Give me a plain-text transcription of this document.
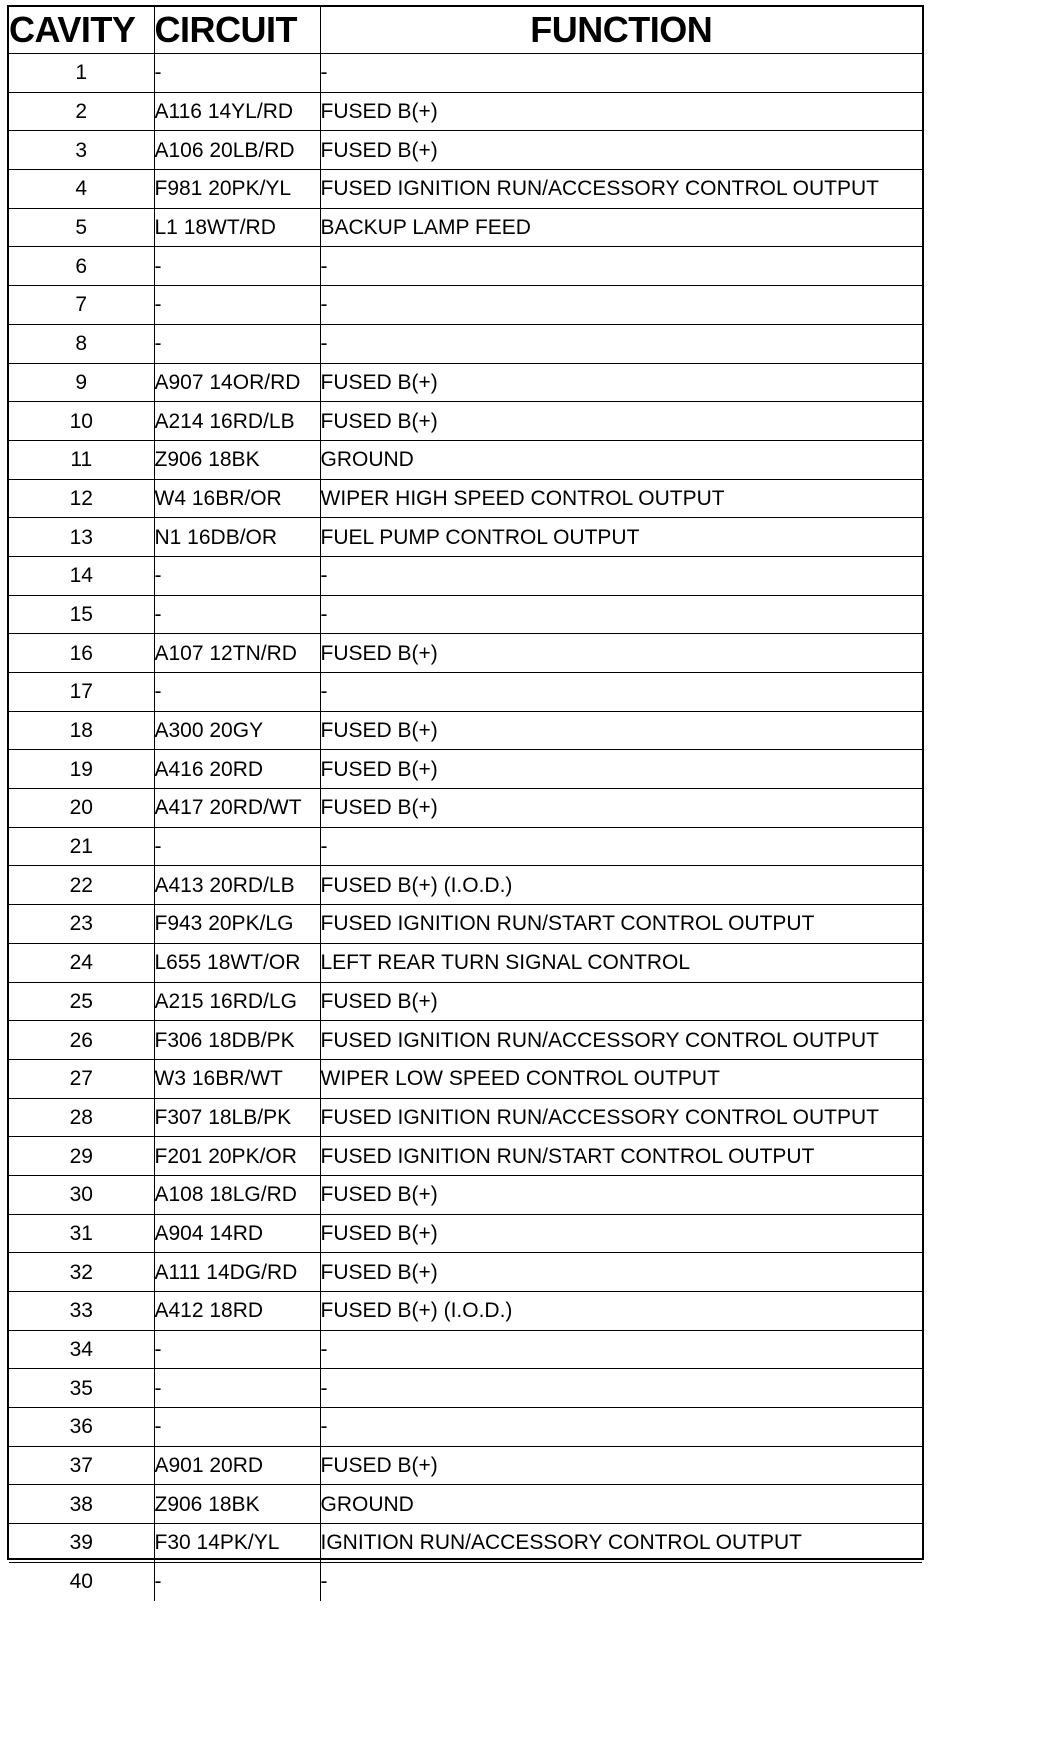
CAVITY	CIRCUIT	FUNCTION
1	-	-
2	A116 14YL/RD	FUSED B(+)
3	A106 20LB/RD	FUSED B(+)
4	F981 20PK/YL	FUSED IGNITION RUN/ACCESSORY CONTROL OUTPUT
5	L1 18WT/RD	BACKUP LAMP FEED
6	-	-
7	-	-
8	-	-
9	A907 14OR/RD	FUSED B(+)
10	A214 16RD/LB	FUSED B(+)
11	Z906 18BK	GROUND
12	W4 16BR/OR	WIPER HIGH SPEED CONTROL OUTPUT
13	N1 16DB/OR	FUEL PUMP CONTROL OUTPUT
14	-	-
15	-	-
16	A107 12TN/RD	FUSED B(+)
17	-	-
18	A300 20GY	FUSED B(+)
19	A416 20RD	FUSED B(+)
20	A417 20RD/WT	FUSED B(+)
21	-	-
22	A413 20RD/LB	FUSED B(+) (I.O.D.)
23	F943 20PK/LG	FUSED IGNITION RUN/START CONTROL OUTPUT
24	L655 18WT/OR	LEFT REAR TURN SIGNAL CONTROL
25	A215 16RD/LG	FUSED B(+)
26	F306 18DB/PK	FUSED IGNITION RUN/ACCESSORY CONTROL OUTPUT
27	W3 16BR/WT	WIPER LOW SPEED CONTROL OUTPUT
28	F307 18LB/PK	FUSED IGNITION RUN/ACCESSORY CONTROL OUTPUT
29	F201 20PK/OR	FUSED IGNITION RUN/START CONTROL OUTPUT
30	A108 18LG/RD	FUSED B(+)
31	A904 14RD	FUSED B(+)
32	A111 14DG/RD	FUSED B(+)
33	A412 18RD	FUSED B(+) (I.O.D.)
34	-	-
35	-	-
36	-	-
37	A901 20RD	FUSED B(+)
38	Z906 18BK	GROUND
39	F30 14PK/YL	IGNITION RUN/ACCESSORY CONTROL OUTPUT
40	-	-
